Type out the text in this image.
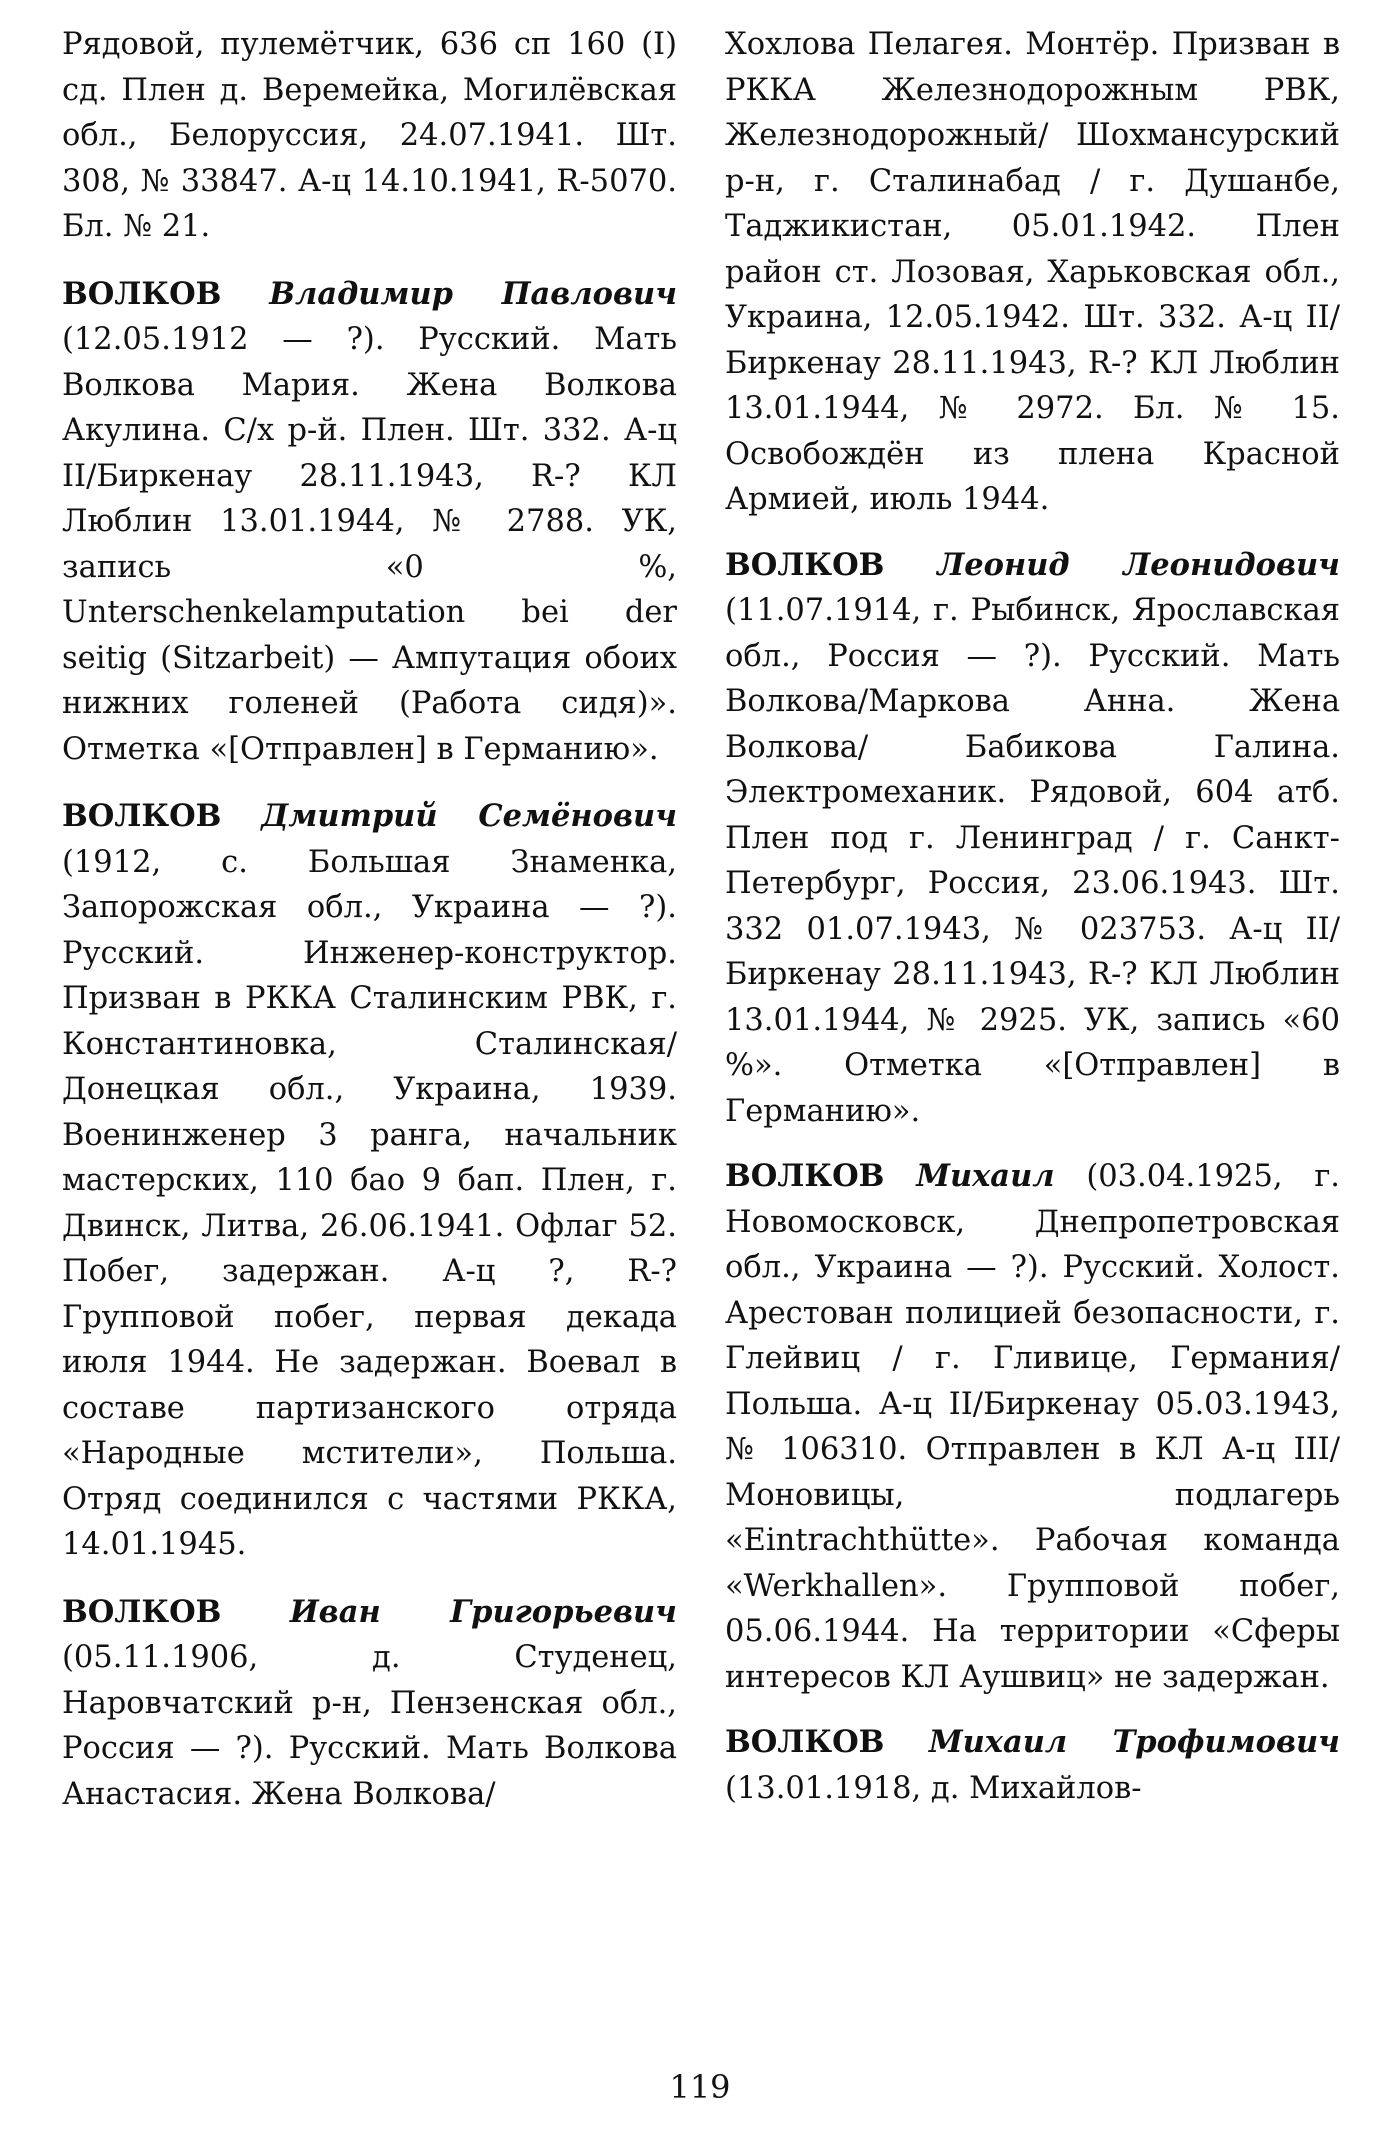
Рядовой, пулемётчик, 636 сп 160 (I) сд. Плен д. Веремейка, Могилёвская обл., Белоруссия, 24.07.1941. Шт. 308, № 33847. А-ц 14.10.1941, R-5070. Бл. № 21.

ВОЛКОВ Владимир Павлович (12.05.1912 — ?). Русский. Мать Волкова Мария. Жена Волкова Акулина. С/х р-й. Плен. Шт. 332. А-ц II/Биркенау 28.11.1943, R-? КЛ Люблин 13.01.1944, № 2788. УК, запись «0 %, Unterschenkelamputation bei der seitig (Sitzarbeit) — Ампутация обоих нижних голеней (Работа сидя)». Отметка «[Отправлен] в Германию».

ВОЛКОВ Дмитрий Семёнович (1912, с. Большая Знаменка, Запорожская обл., Украина — ?). Русский. Инженер-конструктор. Призван в РККА Сталинским РВК, г. Константиновка, Сталинская/Донецкая обл., Украина, 1939. Военинженер 3 ранга, начальник мастерских, 110 бао 9 бап. Плен, г. Двинск, Литва, 26.06.1941. Офлаг 52. Побег, задержан. А-ц ?, R-? Групповой побег, первая декада июля 1944. Не задержан. Воевал в составе партизанского отряда «Народные мстители», Польша. Отряд соединился с частями РККА, 14.01.1945.

ВОЛКОВ Иван Григорьевич (05.11.1906, д. Студенец, Наровчатский р-н, Пензенская обл., Россия — ?). Русский. Мать Волкова Анастасия. Жена Волкова/

Хохлова Пелагея. Монтёр. Призван в РККА Железнодорожным РВК, Железнодорожный/ Шохмансурский р-н, г. Сталинабад / г. Душанбе, Таджикистан, 05.01.1942. Плен район ст. Лозовая, Харьковская обл., Украина, 12.05.1942. Шт. 332. А-ц II/Биркенау 28.11.1943, R-? КЛ Люблин 13.01.1944, № 2972. Бл. № 15. Освобождён из плена Красной Армией, июль 1944.

ВОЛКОВ Леонид Леонидович (11.07.1914, г. Рыбинск, Ярославская обл., Россия — ?). Русский. Мать Волкова/Маркова Анна. Жена Волкова/ Бабикова Галина. Электромеханик. Рядовой, 604 атб. Плен под г. Ленинград / г. Санкт-Петербург, Россия, 23.06.1943. Шт. 332 01.07.1943, № 023753. А-ц II/Биркенау 28.11.1943, R-? КЛ Люблин 13.01.1944, № 2925. УК, запись «60 %». Отметка «[Отправлен] в Германию».

ВОЛКОВ Михаил (03.04.1925, г. Новомосковск, Днепропетровская обл., Украина — ?). Русский. Холост. Арестован полицией безопасности, г. Глейвиц / г. Гливице, Германия/Польша. А-ц II/Биркенау 05.03.1943, № 106310. Отправлен в КЛ А-ц III/Моновицы, подлагерь «Eintrachthütte». Рабочая команда «Werkhallen». Групповой побег, 05.06.1944. На территории «Сферы интересов КЛ Аушвиц» не задержан.

ВОЛКОВ Михаил Трофимович (13.01.1918, д. Михайлов-

119
